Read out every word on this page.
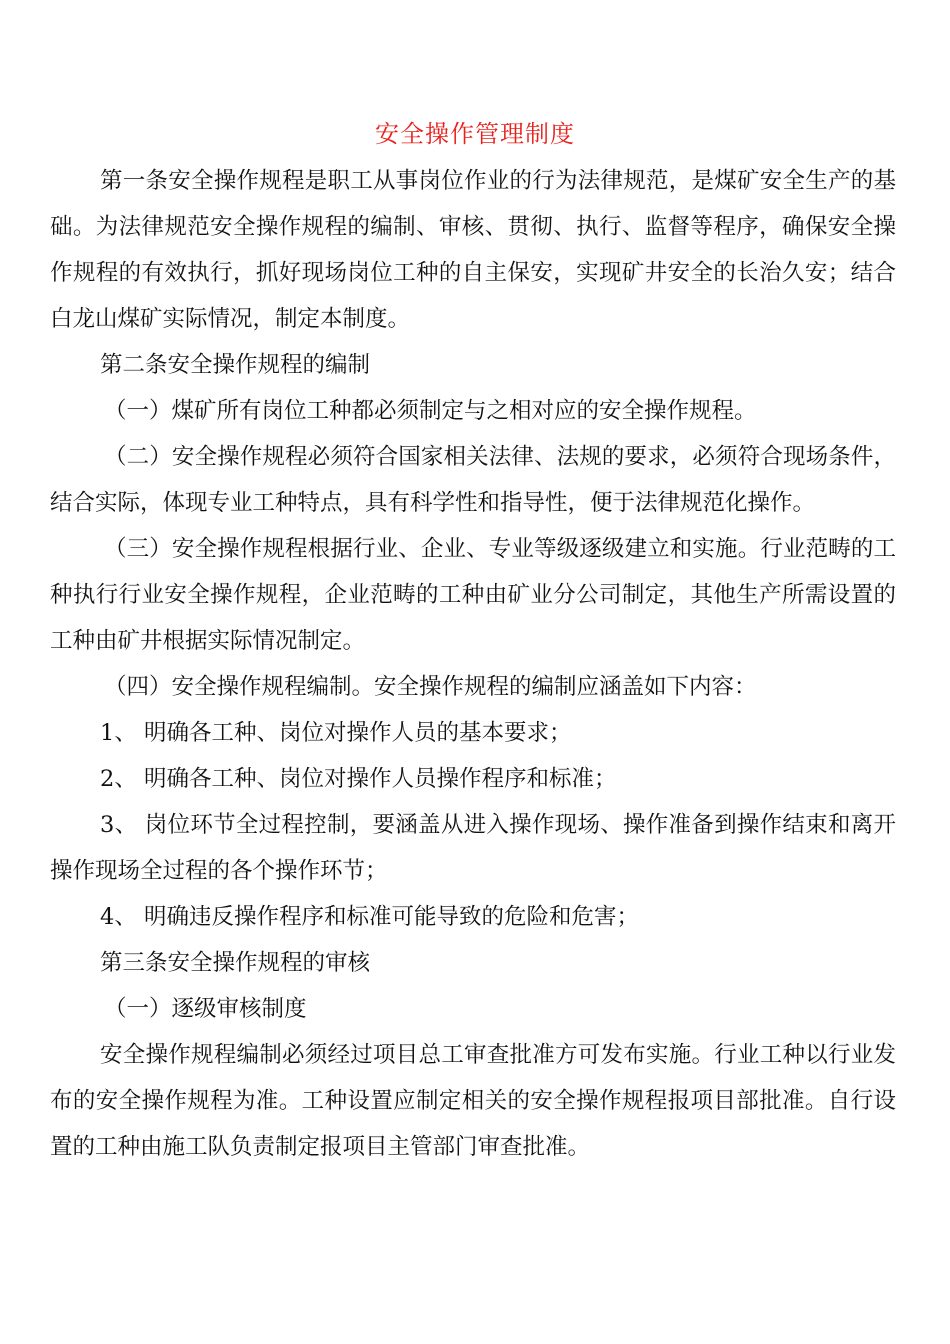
安全操作管理制度

第一条安全操作规程是职工从事岗位作业的行为法律规范，是煤矿安全生产的基础。为法律规范安全操作规程的编制、审核、贯彻、执行、监督等程序，确保安全操作规程的有效执行，抓好现场岗位工种的自主保安，实现矿井安全的长治久安；结合白龙山煤矿实际情况，制定本制度。

第二条安全操作规程的编制

（一）煤矿所有岗位工种都必须制定与之相对应的安全操作规程。

（二）安全操作规程必须符合国家相关法律、法规的要求，必须符合现场条件，结合实际，体现专业工种特点，具有科学性和指导性，便于法律规范化操作。

（三）安全操作规程根据行业、企业、专业等级逐级建立和实施。行业范畴的工种执行行业安全操作规程，企业范畴的工种由矿业分公司制定，其他生产所需设置的工种由矿井根据实际情况制定。

（四）安全操作规程编制。安全操作规程的编制应涵盖如下内容：

1、 明确各工种、岗位对操作人员的基本要求；

2、 明确各工种、岗位对操作人员操作程序和标准；

3、 岗位环节全过程控制，要涵盖从进入操作现场、操作准备到操作结束和离开操作现场全过程的各个操作环节；

4、 明确违反操作程序和标准可能导致的危险和危害；

第三条安全操作规程的审核

（一）逐级审核制度

安全操作规程编制必须经过项目总工审查批准方可发布实施。行业工种以行业发布的安全操作规程为准。工种设置应制定相关的安全操作规程报项目部批准。自行设置的工种由施工队负责制定报项目主管部门审查批准。
